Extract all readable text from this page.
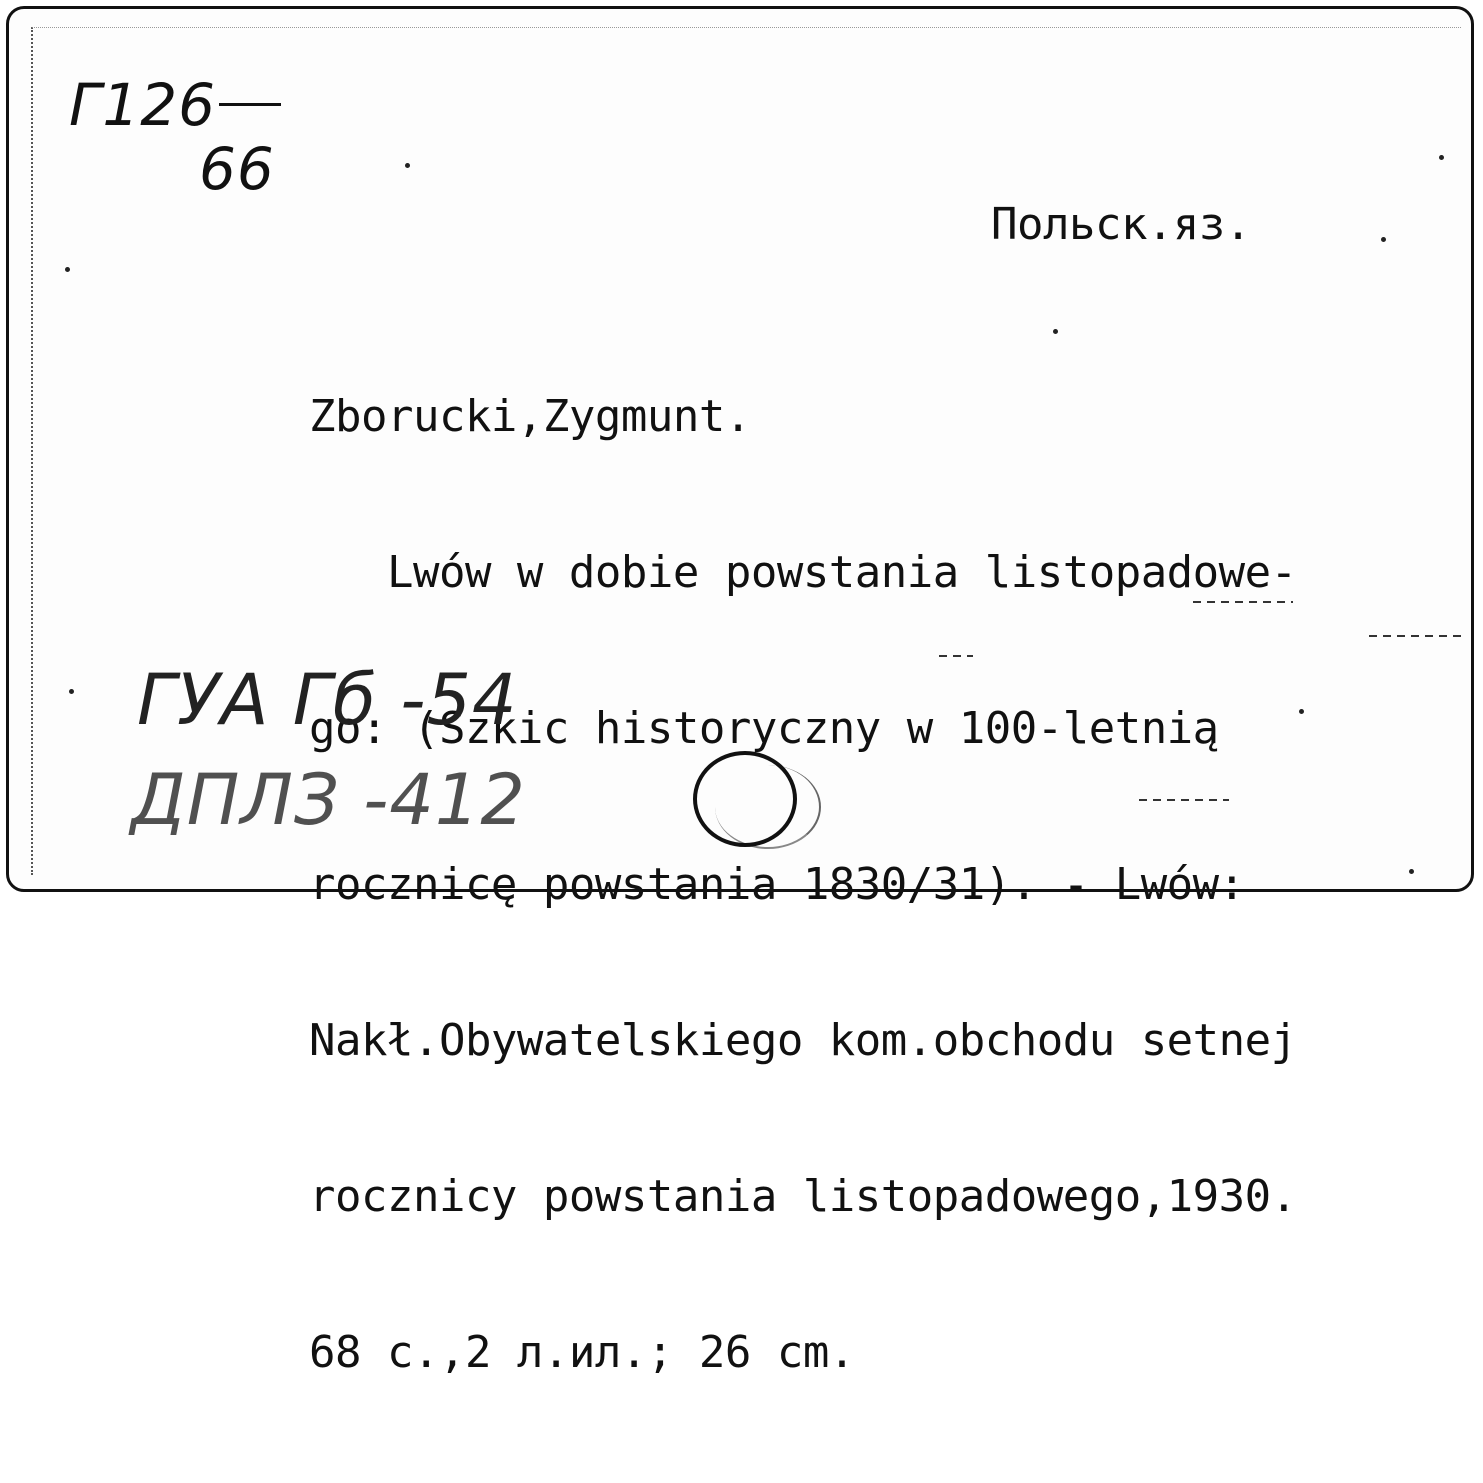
Г126
66
Польск.яз.

Zboruckі,Zygmunt.

Lwów w dobie powstania listopadowe-

go: (Szkic historyczny w 100-letnią

rocznicę powstania 1830/31). - Lwów:

Nakł.Obywatelskiego kom.obchodu setnej

rocznicy powstania listopadowego,1930.

68 с.,2 л.ил.; 26 cm.

ГУА Гб -54
ДПЛЗ -412
